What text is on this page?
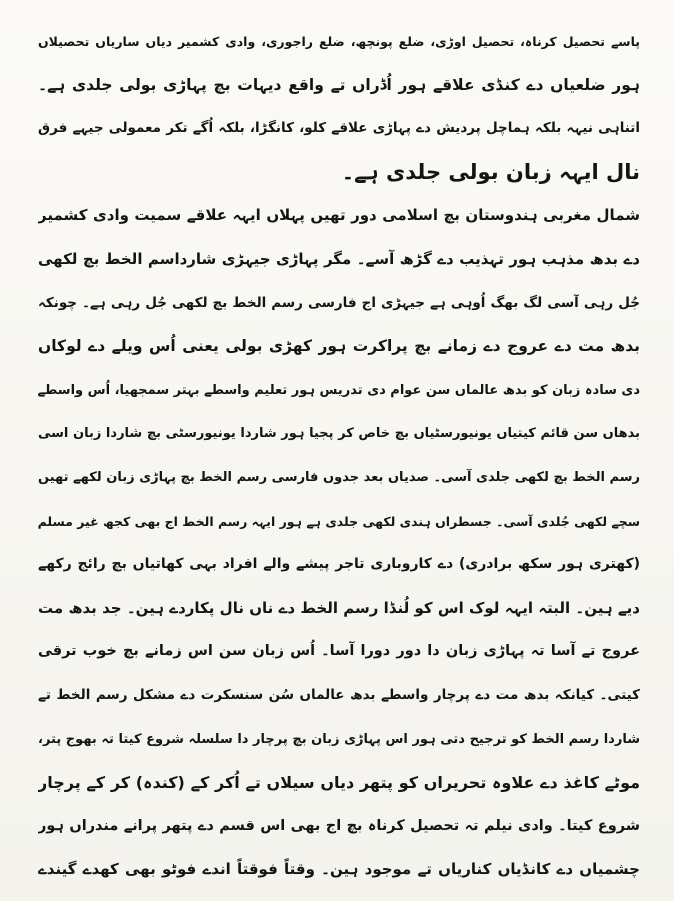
پاسے تحصیل کرناہ، تحصیل اوڑی، ضلع پونچھ، ضلع راجوری، وادی کشمیر دیاں ساریاں تحصیلاں
ہور ضلعیاں دے کنڈی علاقے ہور اُڈراں تے واقع دیہات بچ پہاڑی بولی جلدی ہے۔
اتناہی نیہہ بلکہ ہماچل پردیش دے پہاڑی علاقے کلو، کانگڑا، بلکہ اُگے تکر معمولی جیہے فرق
نال ایہہ زبان بولی جلدی ہے۔
شمال مغربی ہندوستان بچ اسلامی دور تھیں پہلاں ایہہ علاقے سمیت وادی کشمیر
دے بدھ مذہب ہور تہذیب دے گڑھ آسے۔ مگر پہاڑی جیہڑی شارداسم الخط بچ لکھی
جُل رہی آسی لگ بھگ اُوہی ہے جیہڑی اج فارسی رسم الخط بچ لکھی جُل رہی ہے۔ چونکہ
بدھ مت دے عروج دے زمانے بچ پراکرت ہور کھڑی بولی یعنی اُس ویلے دے لوکاں
دی سادہ زبان کو بدھ عالماں سن عوام دی تدریس ہور تعلیم واسطے بہتر سمجھیا، اُس واسطے
بدھاں سن قائم کیتیاں یونیورسٹیاں بچ خاص کر پجیا ہور شاردا یونیورسٹی بچ شاردا زبان اسی
رسم الخط بچ لکھی جلدی آسی۔ صدیاں بعد جدوں فارسی رسم الخط بچ پہاڑی زبان لکھے تھیں
سچے لکھی جُلدی آسی۔ جسطراں ہندی لکھی جلدی ہے ہور ایہہ رسم الخط اج بھی کجھ غیر مسلم
(کھتری ہور سکھ برادری) دے کاروباری تاجر پیشے والے افراد بہی کھاتیاں بچ رائج رکھے
دیے ہین۔ البتہ ایہہ لوک اس کو لُنڈا رسم الخط دے ناں نال پکاردے ہین۔ جد بدھ مت
عروج تے آسا تہ پہاڑی زبان دا دور دورا آسا۔ اُس زبان سن اس زمانے بچ خوب ترقی
کیتی۔ کیانکہ بدھ مت دے پرچار واسطے بدھ عالماں سُن سنسکرت دے مشکل رسم الخط تے
شاردا رسم الخط کو ترجیح دتی ہور اس پہاڑی زبان بچ پرچار دا سلسلہ شروع کیتا تہ بھوج پتر،
موٹے کاغذ دے علاوہ تحریراں کو پتھر دیاں سیلاں تے اُکر کے (کندہ) کر کے پرچار
شروع کیتا۔ وادی نیلم تہ تحصیل کرناہ بچ اج بھی اس قسم دے پتھر پرانے مندراں ہور
چشمیاں دے کانڈیاں کناریاں تے موجود ہین۔ وقتاً فوقتاً اندے فوٹو بھی کھدے گیندے
